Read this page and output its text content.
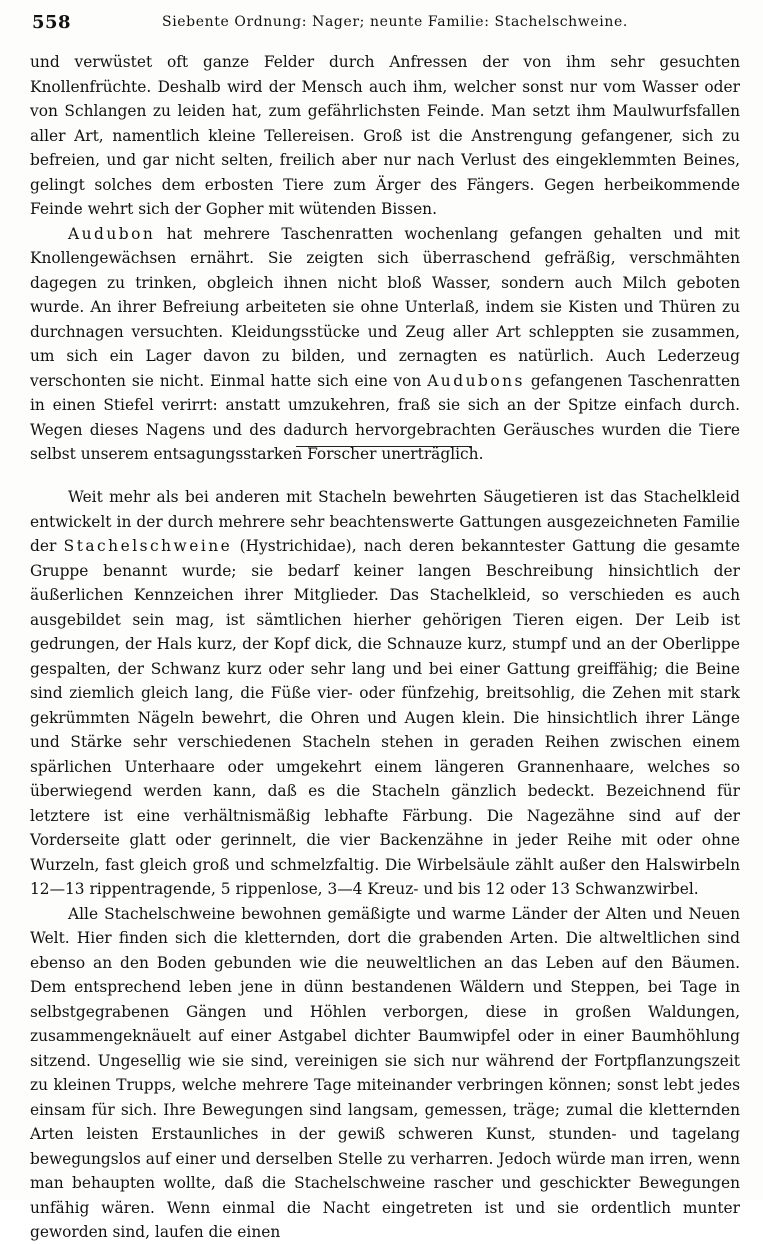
558	Siebente Ordnung: Nager; neunte Familie: Stachelschweine.

und verwüstet oft ganze Felder durch Anfressen der von ihm sehr gesuchten Knollenfrüchte. Deshalb wird der Mensch auch ihm, welcher sonst nur vom Wasser oder von Schlangen zu leiden hat, zum gefährlichsten Feinde. Man setzt ihm Maulwurfsfallen aller Art, namentlich kleine Tellereisen. Groß ist die Anstrengung gefangener, sich zu befreien, und gar nicht selten, freilich aber nur nach Verlust des eingeklemmten Beines, gelingt solches dem erbosten Tiere zum Ärger des Fängers. Gegen herbeikommende Feinde wehrt sich der Gopher mit wütenden Bissen.

Audubon hat mehrere Taschenratten wochenlang gefangen gehalten und mit Knollengewächsen ernährt. Sie zeigten sich überraschend gefräßig, verschmähten dagegen zu trinken, obgleich ihnen nicht bloß Wasser, sondern auch Milch geboten wurde. An ihrer Befreiung arbeiteten sie ohne Unterlaß, indem sie Kisten und Thüren zu durchnagen versuchten. Kleidungsstücke und Zeug aller Art schleppten sie zusammen, um sich ein Lager davon zu bilden, und zernagten es natürlich. Auch Lederzeug verschonten sie nicht. Einmal hatte sich eine von Audubons gefangenen Taschenratten in einen Stiefel verirrt: anstatt umzukehren, fraß sie sich an der Spitze einfach durch. Wegen dieses Nagens und des dadurch hervorgebrachten Geräusches wurden die Tiere selbst unserem entsagungsstarken Forscher unerträglich.

Weit mehr als bei anderen mit Stacheln bewehrten Säugetieren ist das Stachelkleid entwickelt in der durch mehrere sehr beachtenswerte Gattungen ausgezeichneten Familie der Stachelschweine (Hystrichidae), nach deren bekanntester Gattung die gesamte Gruppe benannt wurde; sie bedarf keiner langen Beschreibung hinsichtlich der äußerlichen Kennzeichen ihrer Mitglieder. Das Stachelkleid, so verschieden es auch ausgebildet sein mag, ist sämtlichen hierher gehörigen Tieren eigen. Der Leib ist gedrungen, der Hals kurz, der Kopf dick, die Schnauze kurz, stumpf und an der Oberlippe gespalten, der Schwanz kurz oder sehr lang und bei einer Gattung greiffähig; die Beine sind ziemlich gleich lang, die Füße vier- oder fünfzehig, breitsohlig, die Zehen mit stark gekrümmten Nägeln bewehrt, die Ohren und Augen klein. Die hinsichtlich ihrer Länge und Stärke sehr verschiedenen Stacheln stehen in geraden Reihen zwischen einem spärlichen Unterhaare oder umgekehrt einem längeren Grannenhaare, welches so überwiegend werden kann, daß es die Stacheln gänzlich bedeckt. Bezeichnend für letztere ist eine verhältnismäßig lebhafte Färbung. Die Nagezähne sind auf der Vorderseite glatt oder gerinnelt, die vier Backenzähne in jeder Reihe mit oder ohne Wurzeln, fast gleich groß und schmelzfaltig. Die Wirbelsäule zählt außer den Halswirbeln 12—13 rippentragende, 5 rippenlose, 3—4 Kreuz- und bis 12 oder 13 Schwanzwirbel.

Alle Stachelschweine bewohnen gemäßigte und warme Länder der Alten und Neuen Welt. Hier finden sich die kletternden, dort die grabenden Arten. Die altweltlichen sind ebenso an den Boden gebunden wie die neuweltlichen an das Leben auf den Bäumen. Dem entsprechend leben jene in dünn bestandenen Wäldern und Steppen, bei Tage in selbstgegrabenen Gängen und Höhlen verborgen, diese in großen Waldungen, zusammengeknäuelt auf einer Astgabel dichter Baumwipfel oder in einer Baumhöhlung sitzend. Ungesellig wie sie sind, vereinigen sie sich nur während der Fortpflanzungszeit zu kleinen Trupps, welche mehrere Tage miteinander verbringen können; sonst lebt jedes einsam für sich. Ihre Bewegungen sind langsam, gemessen, träge; zumal die kletternden Arten leisten Erstaunliches in der gewiß schweren Kunst, stunden- und tagelang bewegungslos auf einer und derselben Stelle zu verharren. Jedoch würde man irren, wenn man behaupten wollte, daß die Stachelschweine rascher und geschickter Bewegungen unfähig wären. Wenn einmal die Nacht eingetreten ist und sie ordentlich munter geworden sind, laufen die einen
